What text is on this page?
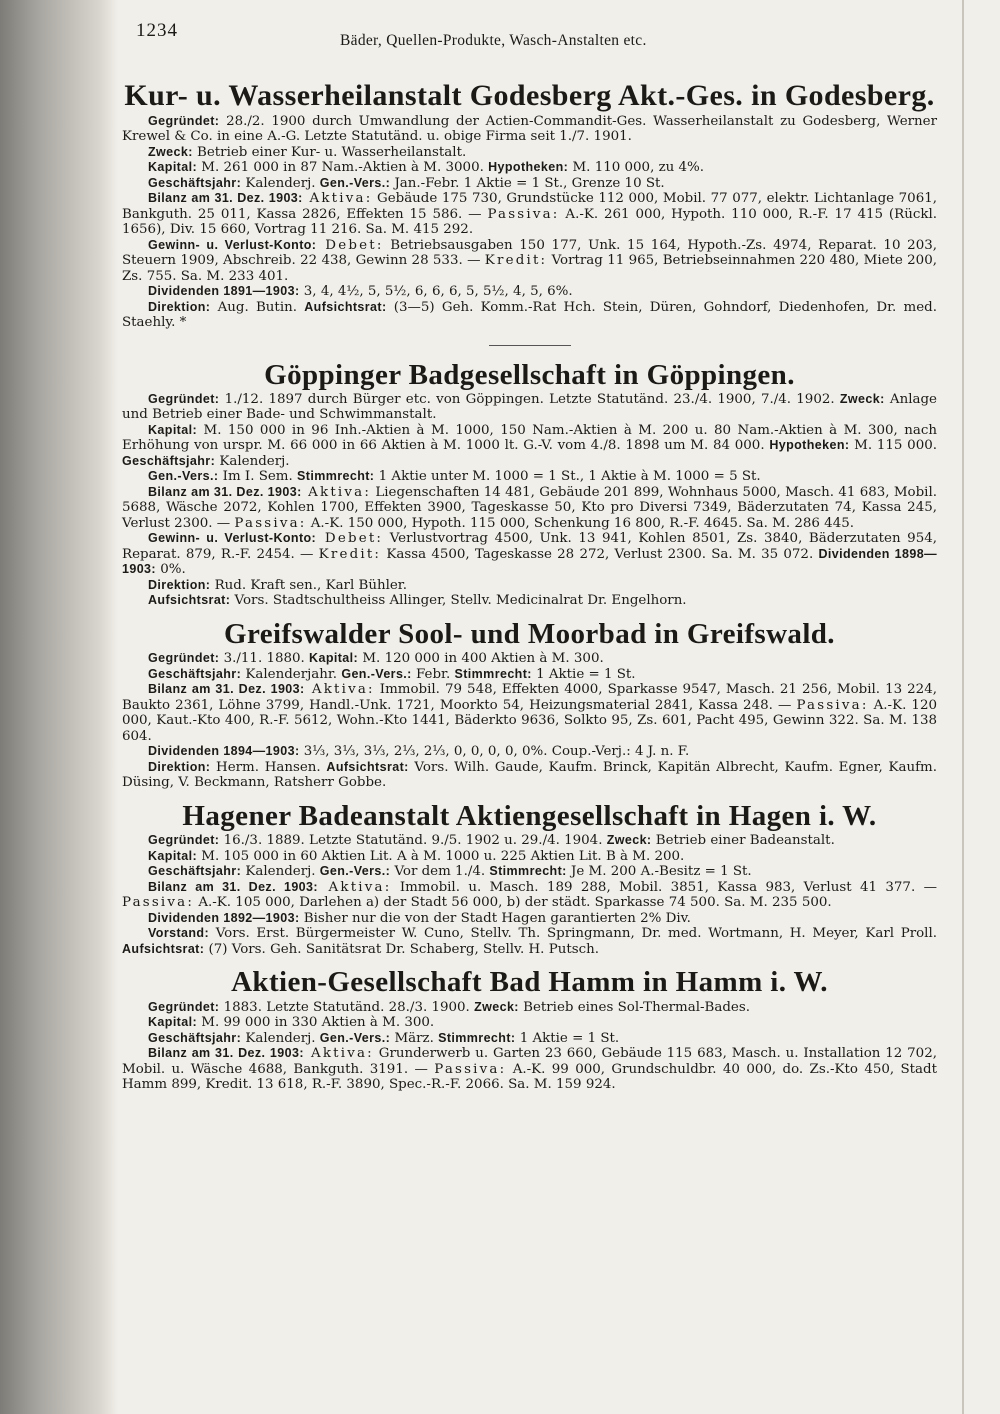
1234	Bäder, Quellen-Produkte, Wasch-Anstalten etc.
Kur- u. Wasserheilanstalt Godesberg Akt.-Ges. in Godesberg.

Gegründet: 28./2. 1900 durch Umwandlung der Actien-Commandit-Ges. Wasserheilanstalt zu Godesberg, Werner Krewel & Co. in eine A.-G. Letzte Statutänd. u. obige Firma seit 1./7. 1901.

Zweck: Betrieb einer Kur- u. Wasserheilanstalt.

Kapital: M. 261 000 in 87 Nam.-Aktien à M. 3000. Hypotheken: M. 110 000, zu 4%.

Geschäftsjahr: Kalenderj. Gen.-Vers.: Jan.-Febr. 1 Aktie = 1 St., Grenze 10 St.

Bilanz am 31. Dez. 1903: Aktiva: Gebäude 175 730, Grundstücke 112 000, Mobil. 77 077, elektr. Lichtanlage 7061, Bankguth. 25 011, Kassa 2826, Effekten 15 586. — Passiva: A.-K. 261 000, Hypoth. 110 000, R.-F. 17 415 (Rückl. 1656), Div. 15 660, Vortrag 11 216. Sa. M. 415 292.

Gewinn- u. Verlust-Konto: Debet: Betriebsausgaben 150 177, Unk. 15 164, Hypoth.-Zs. 4974, Reparat. 10 203, Steuern 1909, Abschreib. 22 438, Gewinn 28 533. — Kredit: Vortrag 11 965, Betriebseinnahmen 220 480, Miete 200, Zs. 755. Sa. M. 233 401.

Dividenden 1891—1903: 3, 4, 4½, 5, 5½, 6, 6, 6, 5, 5½, 4, 5, 6%.

Direktion: Aug. Butin. Aufsichtsrat: (3—5) Geh. Komm.-Rat Hch. Stein, Düren, Gohndorf, Diedenhofen, Dr. med. Staehly. *

Göppinger Badgesellschaft in Göppingen.

Gegründet: 1./12. 1897 durch Bürger etc. von Göppingen. Letzte Statutänd. 23./4. 1900, 7./4. 1902. Zweck: Anlage und Betrieb einer Bade- und Schwimmanstalt.

Kapital: M. 150 000 in 96 Inh.-Aktien à M. 1000, 150 Nam.-Aktien à M. 200 u. 80 Nam.-Aktien à M. 300, nach Erhöhung von urspr. M. 66 000 in 66 Aktien à M. 1000 lt. G.-V. vom 4./8. 1898 um M. 84 000. Hypotheken: M. 115 000. Geschäftsjahr: Kalenderj.

Gen.-Vers.: Im I. Sem. Stimmrecht: 1 Aktie unter M. 1000 = 1 St., 1 Aktie à M. 1000 = 5 St.

Bilanz am 31. Dez. 1903: Aktiva: Liegenschaften 14 481, Gebäude 201 899, Wohnhaus 5000, Masch. 41 683, Mobil. 5688, Wäsche 2072, Kohlen 1700, Effekten 3900, Tageskasse 50, Kto pro Diversi 7349, Bäderzutaten 74, Kassa 245, Verlust 2300. — Passiva: A.-K. 150 000, Hypoth. 115 000, Schenkung 16 800, R.-F. 4645. Sa. M. 286 445.

Gewinn- u. Verlust-Konto: Debet: Verlustvortrag 4500, Unk. 13 941, Kohlen 8501, Zs. 3840, Bäderzutaten 954, Reparat. 879, R.-F. 2454. — Kredit: Kassa 4500, Tageskasse 28 272, Verlust 2300. Sa. M. 35 072. Dividenden 1898—1903: 0%.

Direktion: Rud. Kraft sen., Karl Bühler.

Aufsichtsrat: Vors. Stadtschultheiss Allinger, Stellv. Medicinalrat Dr. Engelhorn.

Greifswalder Sool- und Moorbad in Greifswald.

Gegründet: 3./11. 1880. Kapital: M. 120 000 in 400 Aktien à M. 300.

Geschäftsjahr: Kalenderjahr. Gen.-Vers.: Febr. Stimmrecht: 1 Aktie = 1 St.

Bilanz am 31. Dez. 1903: Aktiva: Immobil. 79 548, Effekten 4000, Sparkasse 9547, Masch. 21 256, Mobil. 13 224, Baukto 2361, Löhne 3799, Handl.-Unk. 1721, Moorkto 54, Heizungsmaterial 2841, Kassa 248. — Passiva: A.-K. 120 000, Kaut.-Kto 400, R.-F. 5612, Wohn.-Kto 1441, Bäderkto 9636, Solkto 95, Zs. 601, Pacht 495, Gewinn 322. Sa. M. 138 604.

Dividenden 1894—1903: 3⅓, 3⅓, 3⅓, 2⅓, 2⅓, 0, 0, 0, 0, 0%. Coup.-Verj.: 4 J. n. F.

Direktion: Herm. Hansen. Aufsichtsrat: Vors. Wilh. Gaude, Kaufm. Brinck, Kapitän Albrecht, Kaufm. Egner, Kaufm. Düsing, V. Beckmann, Ratsherr Gobbe.

Hagener Badeanstalt Aktiengesellschaft in Hagen i. W.

Gegründet: 16./3. 1889. Letzte Statutänd. 9./5. 1902 u. 29./4. 1904. Zweck: Betrieb einer Badeanstalt.

Kapital: M. 105 000 in 60 Aktien Lit. A à M. 1000 u. 225 Aktien Lit. B à M. 200.

Geschäftsjahr: Kalenderj. Gen.-Vers.: Vor dem 1./4. Stimmrecht: Je M. 200 A.-Besitz = 1 St.

Bilanz am 31. Dez. 1903: Aktiva: Immobil. u. Masch. 189 288, Mobil. 3851, Kassa 983, Verlust 41 377. — Passiva: A.-K. 105 000, Darlehen a) der Stadt 56 000, b) der städt. Sparkasse 74 500. Sa. M. 235 500.

Dividenden 1892—1903: Bisher nur die von der Stadt Hagen garantierten 2% Div.

Vorstand: Vors. Erst. Bürgermeister W. Cuno, Stellv. Th. Springmann, Dr. med. Wortmann, H. Meyer, Karl Proll. Aufsichtsrat: (7) Vors. Geh. Sanitätsrat Dr. Schaberg, Stellv. H. Putsch.

Aktien-Gesellschaft Bad Hamm in Hamm i. W.

Gegründet: 1883. Letzte Statutänd. 28./3. 1900. Zweck: Betrieb eines Sol-Thermal-Bades.

Kapital: M. 99 000 in 330 Aktien à M. 300.

Geschäftsjahr: Kalenderj. Gen.-Vers.: März. Stimmrecht: 1 Aktie = 1 St.

Bilanz am 31. Dez. 1903: Aktiva: Grunderwerb u. Garten 23 660, Gebäude 115 683, Masch. u. Installation 12 702, Mobil. u. Wäsche 4688, Bankguth. 3191. — Passiva: A.-K. 99 000, Grundschuldbr. 40 000, do. Zs.-Kto 450, Stadt Hamm 899, Kredit. 13 618, R.-F. 3890, Spec.-R.-F. 2066. Sa. M. 159 924.
